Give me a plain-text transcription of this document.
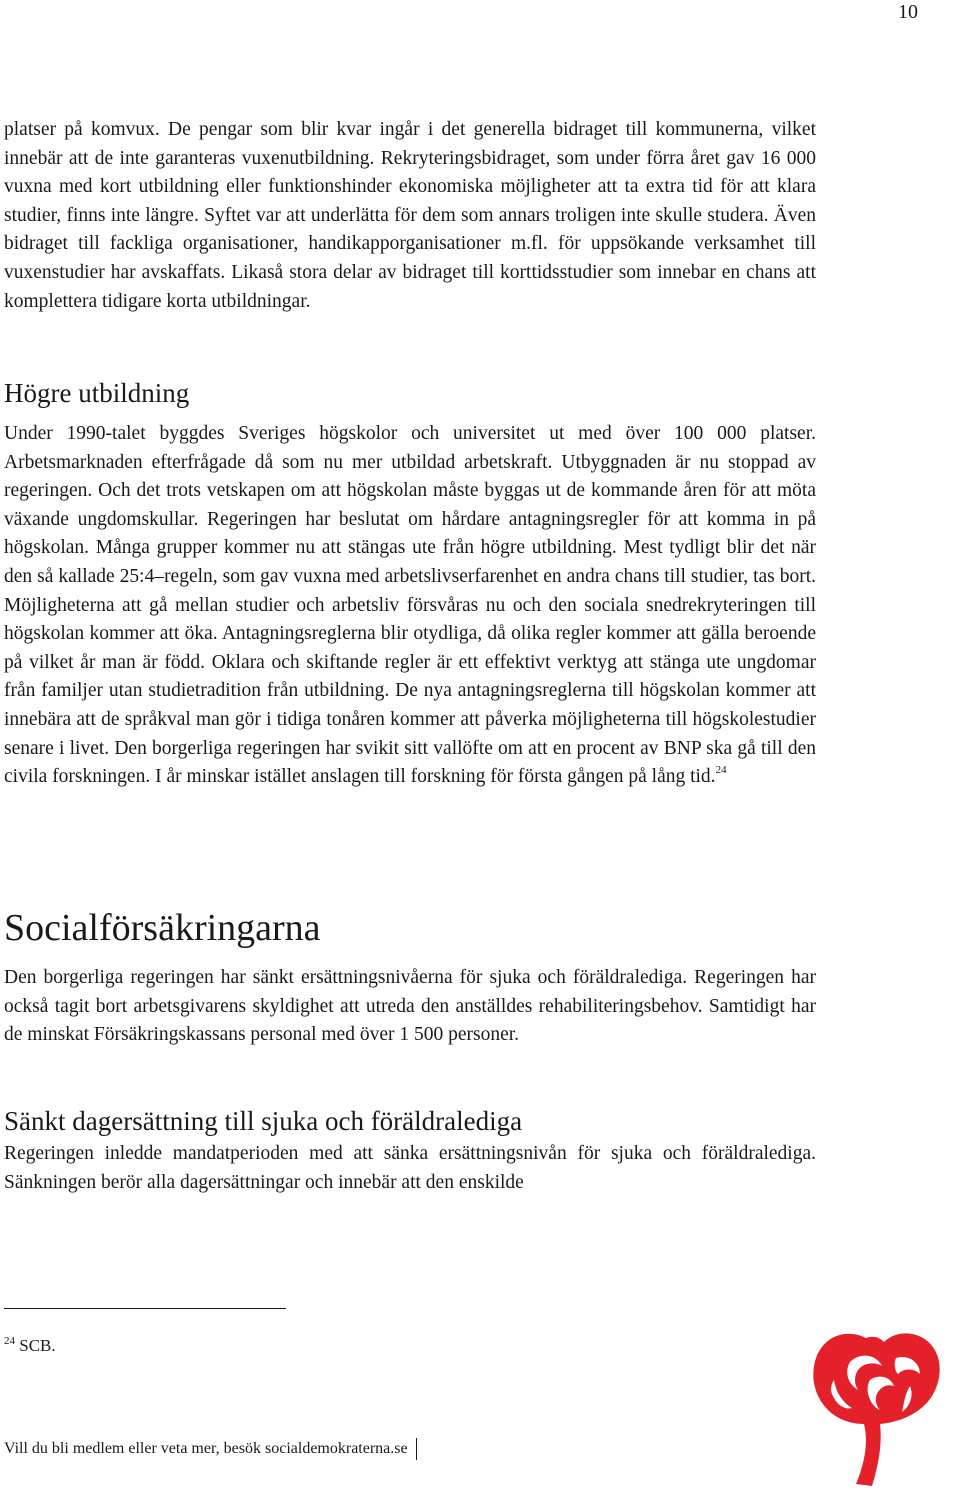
10

platser på komvux. De pengar som blir kvar ingår i det generella bidraget till kommunerna, vilket innebär att de inte garanteras vuxenutbildning. Rekryteringsbidraget, som under förra året gav 16 000 vuxna med kort utbildning eller funktionshinder ekonomiska möjligheter att ta extra tid för att klara studier, finns inte längre. Syftet var att underlätta för dem som annars troligen inte skulle studera. Även bidraget till fackliga organisationer, handikapporganisationer m.fl. för uppsökande verksamhet till vuxenstudier har avskaffats. Likaså stora delar av bidraget till korttidsstudier som innebar en chans att komplettera tidigare korta utbildningar.

Högre utbildning

Under 1990-talet byggdes Sveriges högskolor och universitet ut med över 100 000 platser. Arbetsmarknaden efterfrågade då som nu mer utbildad arbetskraft. Utbyggnaden är nu stoppad av regeringen. Och det trots vetskapen om att högskolan måste byggas ut de kommande åren för att möta växande ungdomskullar. Regeringen har beslutat om hårdare antagningsregler för att komma in på högskolan. Många grupper kommer nu att stängas ute från högre utbildning. Mest tydligt blir det när den så kallade 25:4–regeln, som gav vuxna med arbetslivserfarenhet en andra chans till studier, tas bort. Möjligheterna att gå mellan studier och arbetsliv försvåras nu och den sociala snedrekryteringen till högskolan kommer att öka. Antagningsreglerna blir otydliga, då olika regler kommer att gälla beroende på vilket år man är född. Oklara och skiftande regler är ett effektivt verktyg att stänga ute ungdomar från familjer utan studietradition från utbildning. De nya antagningsreglerna till högskolan kommer att innebära att de språkval man gör i tidiga tonåren kommer att påverka möjligheterna till högskolestudier senare i livet. Den borgerliga regeringen har svikit sitt vallöfte om att en procent av BNP ska gå till den civila forskningen. I år minskar istället anslagen till forskning för första gången på lång tid.$^{24}$

Socialförsäkringarna

Den borgerliga regeringen har sänkt ersättningsnivåerna för sjuka och föräldralediga. Regeringen har också tagit bort arbetsgivarens skyldighet att utreda den anställdes rehabiliteringsbehov. Samtidigt har de minskat Försäkringskassans personal med över 1 500 personer.

Sänkt dagersättning till sjuka och föräldralediga

Regeringen inledde mandatperioden med att sänka ersättningsnivån för sjuka och föräldralediga. Sänkningen berör alla dagersättningar och innebär att den enskilde

$^{24}$ SCB.
Vill du bli medlem eller veta mer, besök socialdemokraterna.se
